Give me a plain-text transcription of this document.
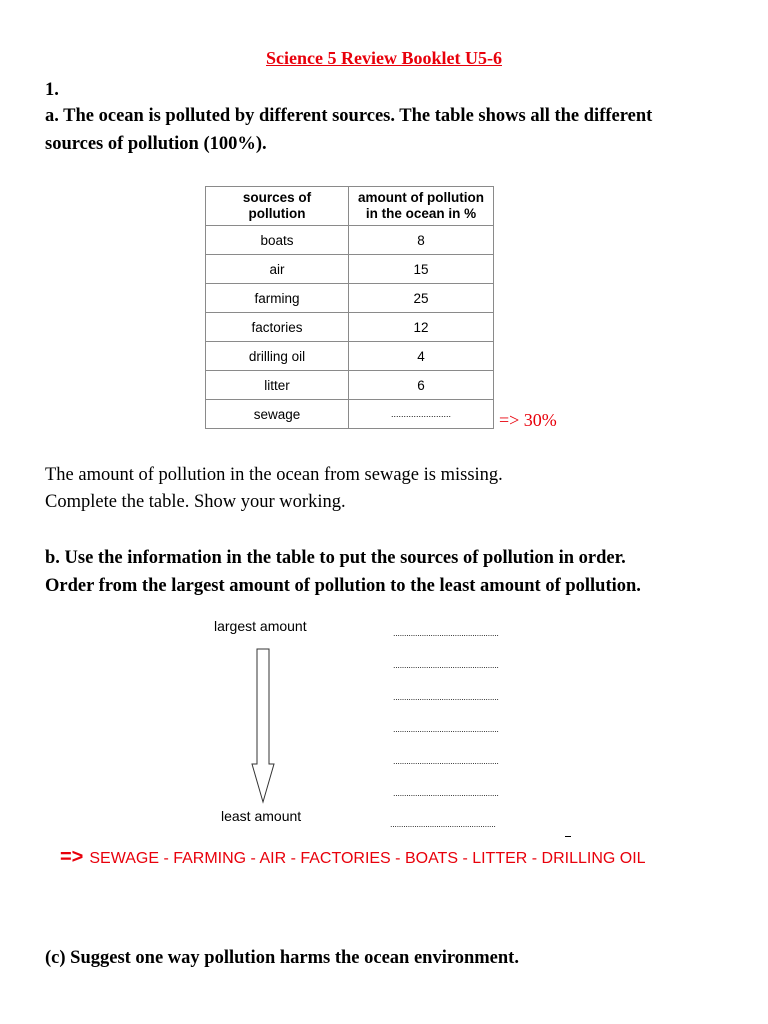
Science 5 Review Booklet U5-6
1.
a. The ocean is polluted by different sources. The table shows all the different
sources of pollution (100%).
sources of
pollution	amount of pollution
in the ocean in %
boats	8
air	15
farming	25
factories	12
drilling oil	4
litter	6
sewage	........................	=> 30%
The amount of pollution in the ocean from sewage is missing.
Complete the table. Show your working.
b. Use the information in the table to put the sources of pollution in order.
Order from the largest amount of pollution to the least amount of pollution.
largest amount
least amount
................................................
................................................
................................................
................................................
................................................
................................................
................................................
=> SEWAGE - FARMING - AIR - FACTORIES - BOATS - LITTER - DRILLING OIL
(c) Suggest one way pollution harms the ocean environment.
